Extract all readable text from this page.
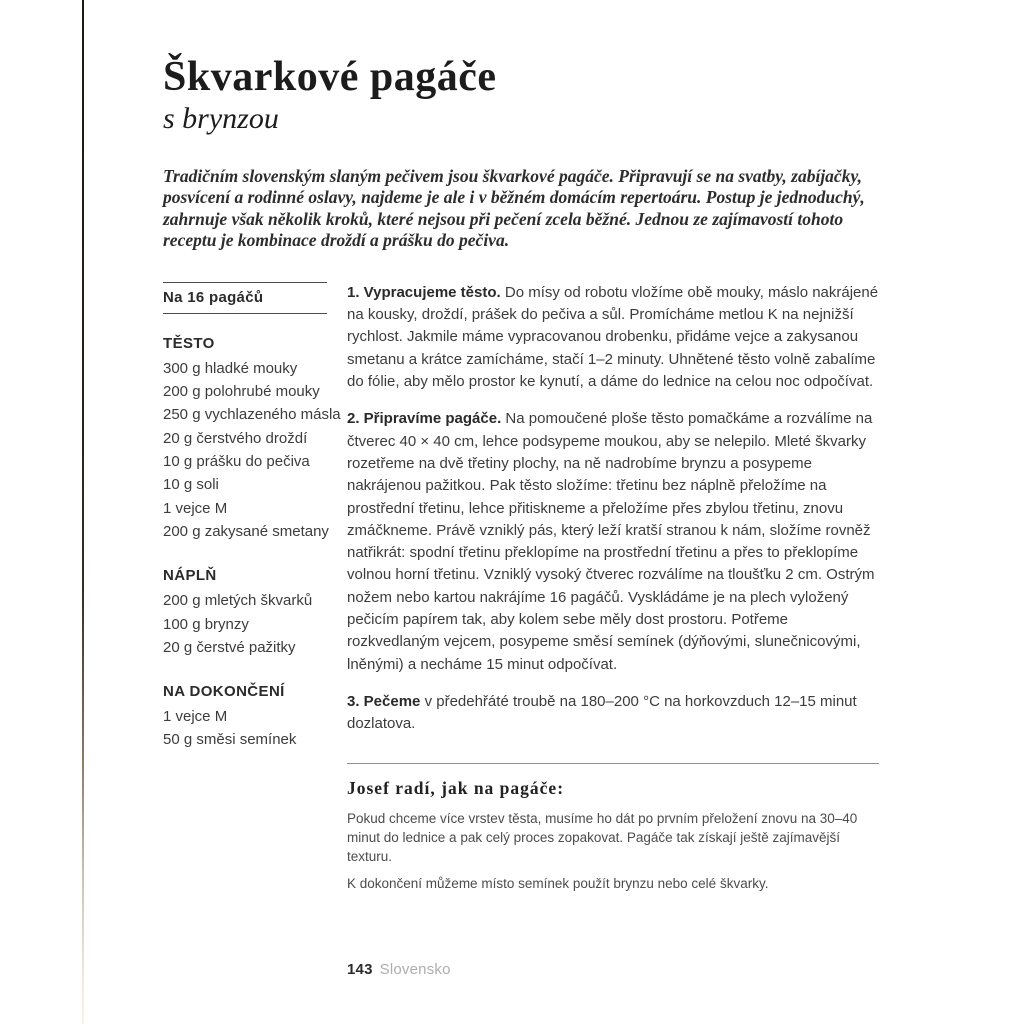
Škvarkové pagáče
s brynzou

Tradičním slovenským slaným pečivem jsou škvarkové pagáče. Připravují se na svatby, zabíjačky, posvícení a rodinné oslavy, najdeme je ale i v běžném domácím repertoáru. Postup je jednoduchý, zahrnuje však několik kroků, které nejsou při pečení zcela běžné. Jednou ze zajímavostí tohoto receptu je kombinace droždí a prášku do pečiva.

Na 16 pagáčů
TĚSTO
300 g hladké mouky
200 g polohrubé mouky
250 g vychlazeného másla
20 g čerstvého droždí
10 g prášku do pečiva
10 g soli
1 vejce M
200 g zakysané smetany
NÁPLŇ
200 g mletých škvarků
100 g brynzy
20 g čerstvé pažitky
NA DOKONČENÍ
1 vejce M
50 g směsi semínek

1. Vypracujeme těsto. Do mísy od robotu vložíme obě mouky, máslo nakrájené na kousky, droždí, prášek do pečiva a sůl. Promícháme metlou K na nejnižší rychlost. Jakmile máme vypracovanou drobenku, přidáme vejce a zakysanou smetanu a krátce zamícháme, stačí 1–2 minuty. Uhnětené těsto volně zabalíme do fólie, aby mělo prostor ke kynutí, a dáme do lednice na celou noc odpočívat.

2. Připravíme pagáče. Na pomoučené ploše těsto pomačkáme a rozválíme na čtverec 40 × 40 cm, lehce podsypeme moukou, aby se nelepilo. Mleté škvarky rozetřeme na dvě třetiny plochy, na ně nadrobíme brynzu a posypeme nakrájenou pažitkou. Pak těsto složíme: třetinu bez náplně přeložíme na prostřední třetinu, lehce přitiskneme a přeložíme přes zbylou třetinu, znovu zmáčkneme. Právě vzniklý pás, který leží kratší stranou k nám, složíme rovněž natřikrát: spodní třetinu překlopíme na prostřední třetinu a přes to překlopíme volnou horní třetinu. Vzniklý vysoký čtverec rozválíme na tloušťku 2 cm. Ostrým nožem nebo kartou nakrájíme 16 pagáčů. Vyskládáme je na plech vyložený pečicím papírem tak, aby kolem sebe měly dost prostoru. Potřeme rozkvedlaným vejcem, posypeme směsí semínek (dýňovými, slunečnicovými, lněnými) a necháme 15 minut odpočívat.

3. Pečeme v předehřáté troubě na 180–200 °C na horkovzduch 12–15 minut dozlatova.

Josef radí, jak na pagáče:

Pokud chceme více vrstev těsta, musíme ho dát po prvním přeložení znovu na 30–40 minut do lednice a pak celý proces zopakovat. Pagáče tak získají ještě zajímavější texturu.

K dokončení můžeme místo semínek použít brynzu nebo celé škvarky.

143 Slovensko
